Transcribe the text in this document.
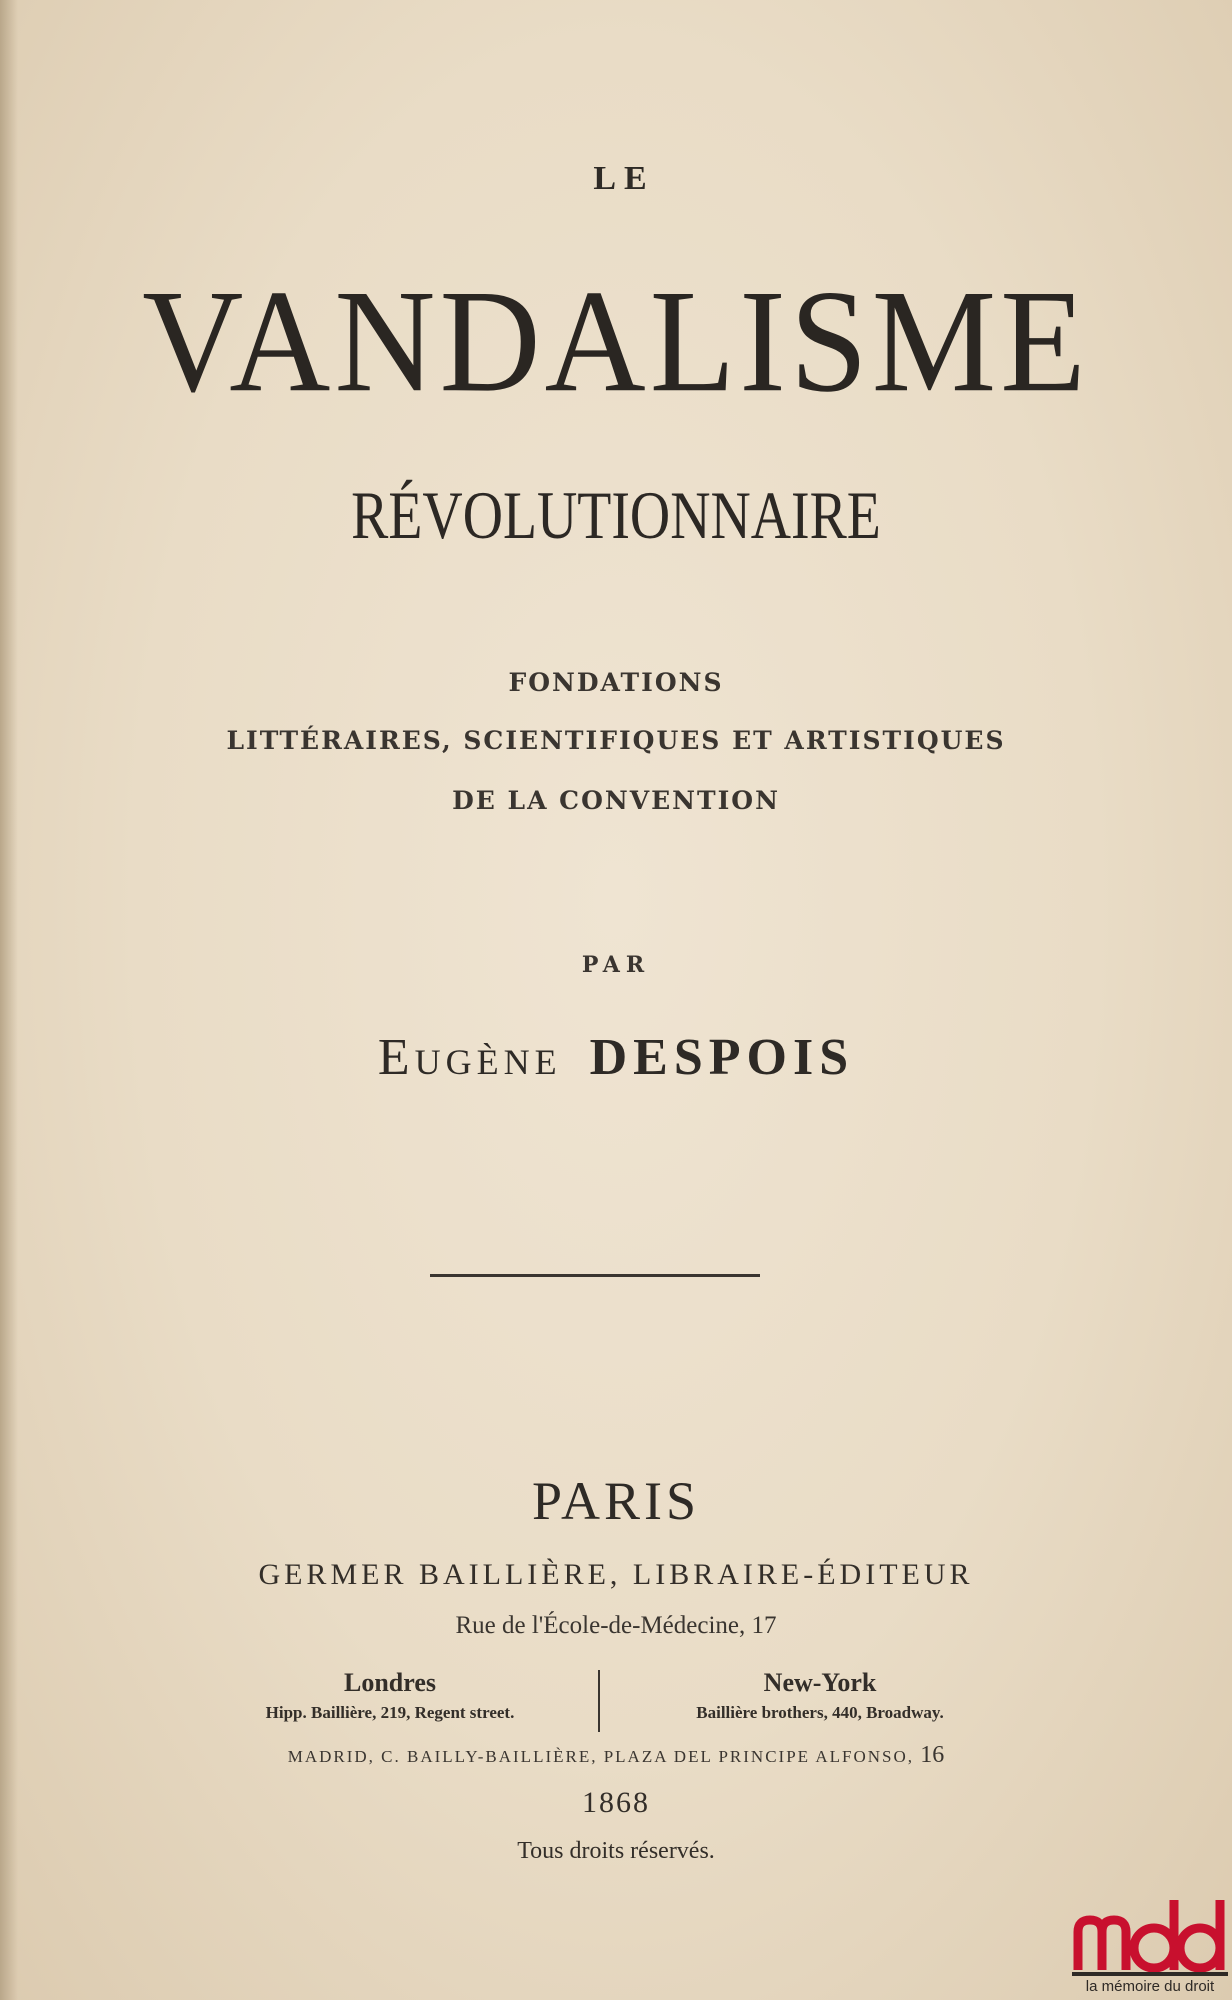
LE
VANDALISME
RÉVOLUTIONNAIRE
FONDATIONS
LITTÉRAIRES, SCIENTIFIQUES ET ARTISTIQUES
DE LA CONVENTION
PAR
Eugène DESPOIS
PARIS
GERMER BAILLIÈRE, LIBRAIRE-ÉDITEUR
Rue de l'École-de-Médecine, 17
Londres
Hipp. Baillière, 219, Regent street.
New-York
Baillière brothers, 440, Broadway.
MADRID, C. BAILLY-BAILLIÈRE, PLAZA DEL PRINCIPE ALFONSO, 16
1868
Tous droits réservés.
la mémoire du droit
